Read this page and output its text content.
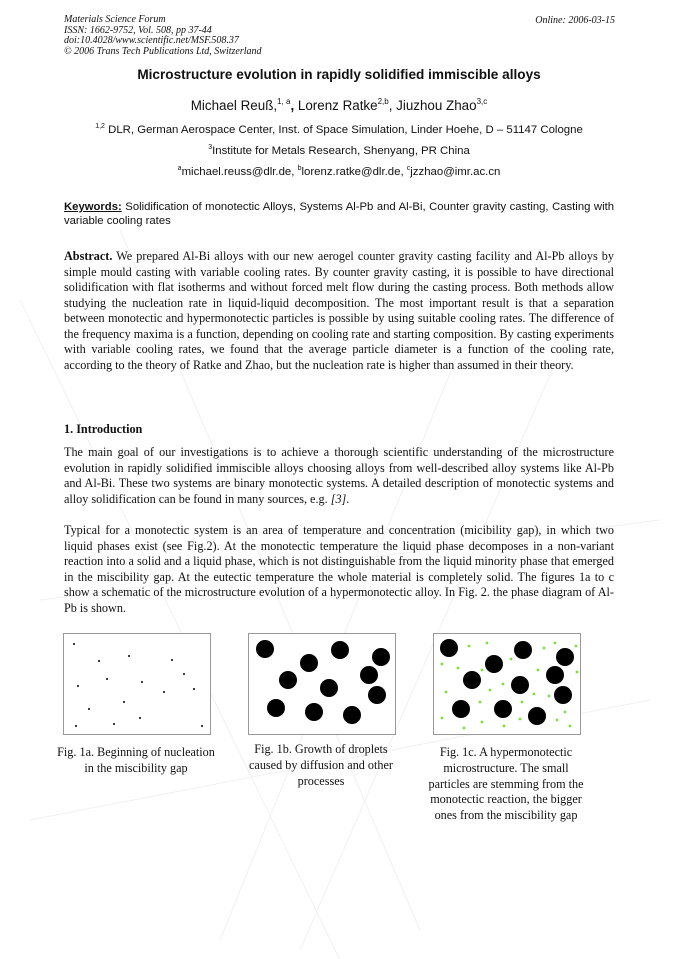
Materials Science Forum
ISSN: 1662-9752, Vol. 508, pp 37-44
doi:10.4028/www.scientific.net/MSF.508.37
© 2006 Trans Tech Publications Ltd, Switzerland
Online: 2006-03-15
Microstructure evolution in rapidly solidified immiscible alloys
Michael Reuß,$^{1, a}$, Lorenz Ratke$^{2,b}$, Jiuzhou Zhao$^{3,c}$
$^{1,2}$ DLR, German Aerospace Center, Inst. of Space Simulation, Linder Hoehe, D – 51147 Cologne
$^3$Institute for Metals Research, Shenyang, PR China
$^a$michael.reuss@dlr.de, $^b$lorenz.ratke@dlr.de, $^c$jzzhao@imr.ac.cn
Keywords: Solidification of monotectic Alloys, Systems Al-Pb and Al-Bi, Counter gravity casting, Casting with variable cooling rates
Abstract. We prepared Al-Bi alloys with our new aerogel counter gravity casting facility and Al-Pb alloys by simple mould casting with variable cooling rates. By counter gravity casting, it is possible to have directional solidification with flat isotherms and without forced melt flow during the casting process. Both methods allow studying the nucleation rate in liquid-liquid decomposition. The most important result is that a separation between monotectic and hypermonotectic particles is possible by using suitable cooling rates. The difference of the frequency maxima is a function, depending on cooling rate and starting composition. By casting experiments with variable cooling rates, we found that the average particle diameter is a function of the cooling rate, according to the theory of Ratke and Zhao, but the nucleation rate is higher than assumed in their theory.
1. Introduction
The main goal of our investigations is to achieve a thorough scientific understanding of the microstructure evolution in rapidly solidified immiscible alloys choosing alloys from well-described alloy systems like Al-Pb and Al-Bi. These two systems are binary monotectic systems. A detailed description of monotectic systems and alloy solidification can be found in many sources, e.g. [3].
Typical for a monotectic system is an area of temperature and concentration (micibility gap), in which two liquid phases exist (see Fig.2). At the monotectic temperature the liquid phase decomposes in a non-variant reaction into a solid and a liquid phase, which is not distinguishable from the liquid minority phase that emerged in the miscibility gap. At the eutectic temperature the whole material is completely solid. The figures 1a to c show a schematic of the microstructure evolution of a hypermonotectic alloy. In Fig. 2. the phase diagram of Al-Pb is shown.
Fig. 1a. Beginning of nucleation in the miscibility gap
Fig. 1b. Growth of droplets caused by diffusion and other processes
Fig. 1c. A hypermonotectic microstructure. The small particles are stemming from the monotectic reaction, the bigger ones from the miscibility gap
